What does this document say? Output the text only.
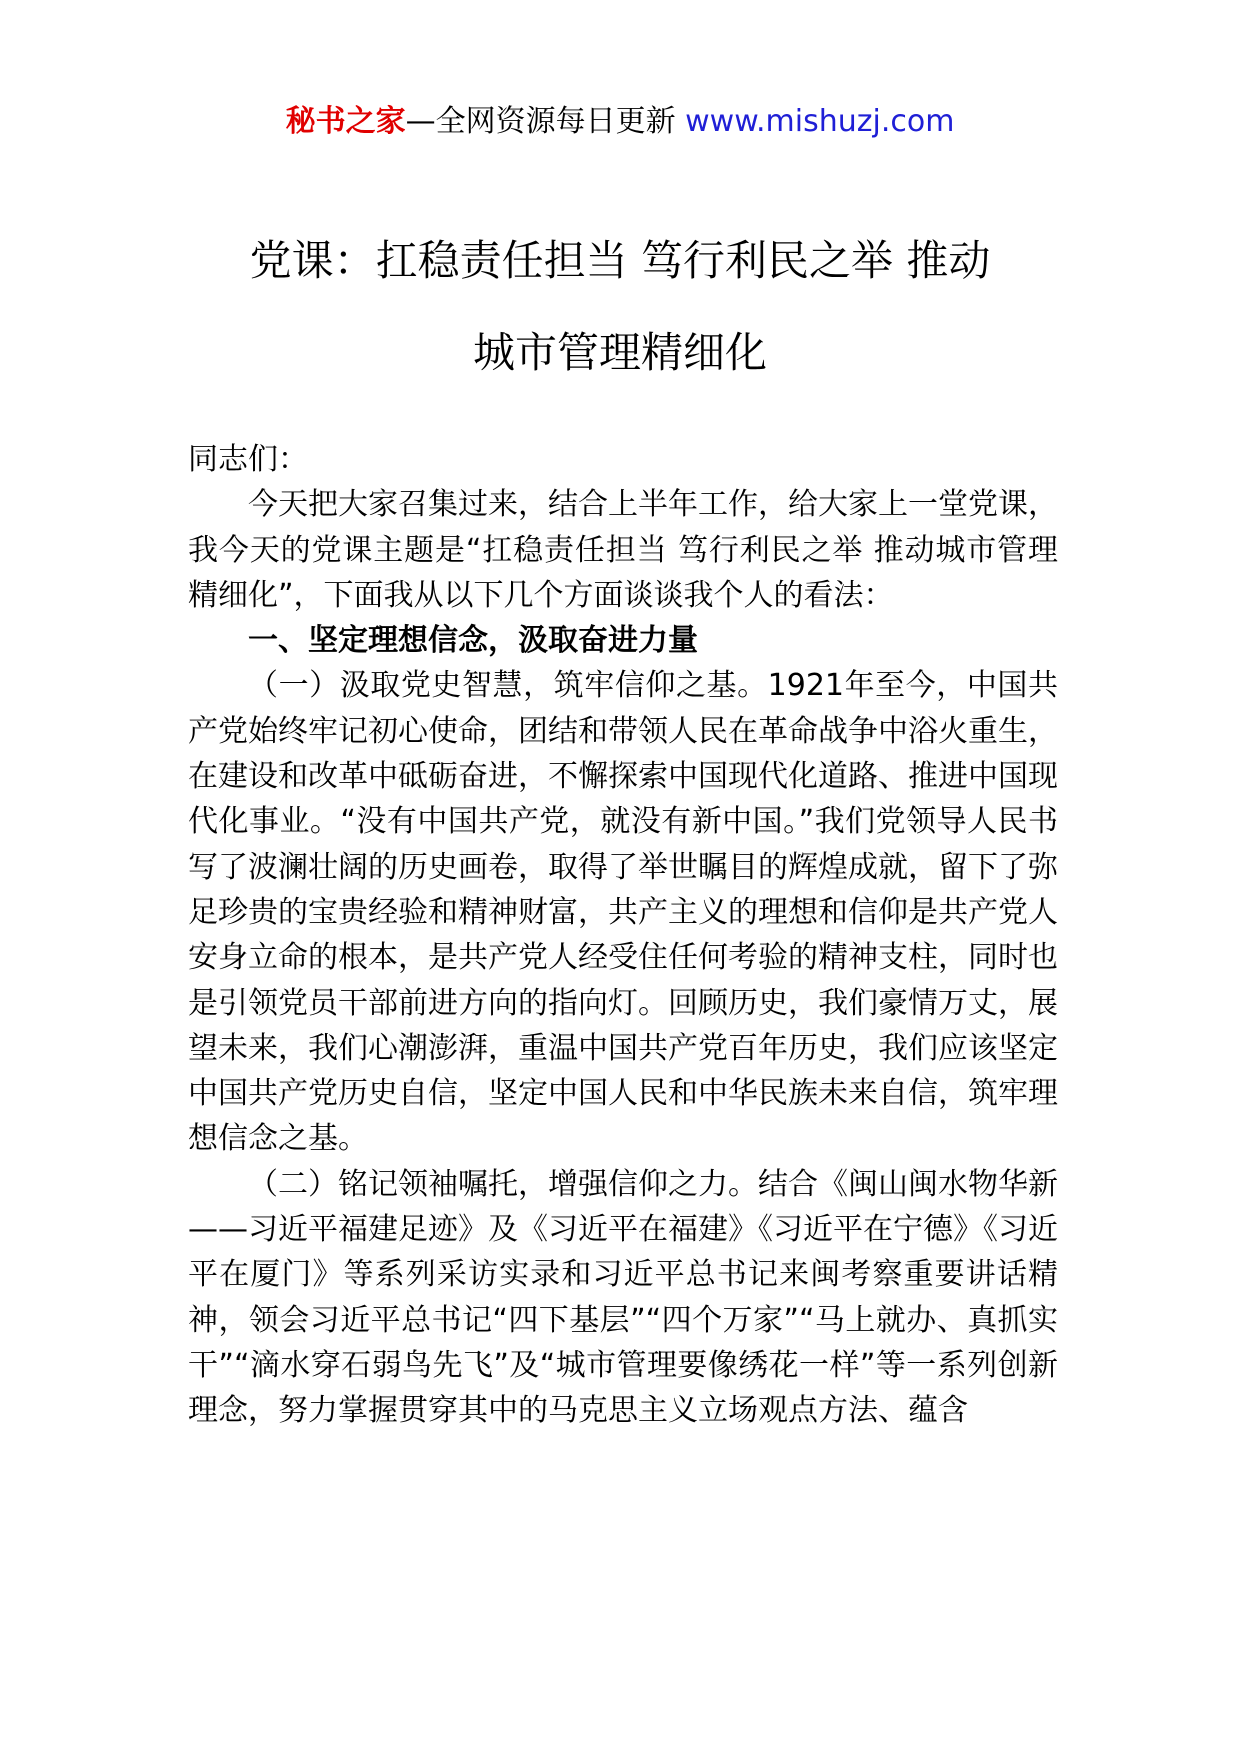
秘书之家—全网资源每日更新 www.mishuzj.com
党课：扛稳责任担当 笃行利民之举 推动
城市管理精细化

同志们：

今天把大家召集过来，结合上半年工作，给大家上一堂党课，我今天的党课主题是“扛稳责任担当 笃行利民之举 推动城市管理精细化”，下面我从以下几个方面谈谈我个人的看法：

一、坚定理想信念，汲取奋进力量

（一）汲取党史智慧，筑牢信仰之基。1921年至今，中国共产党始终牢记初心使命，团结和带领人民在革命战争中浴火重生，在建设和改革中砥砺奋进，不懈探索中国现代化道路、推进中国现代化事业。“没有中国共产党，就没有新中国。”我们党领导人民书写了波澜壮阔的历史画卷，取得了举世瞩目的辉煌成就，留下了弥足珍贵的宝贵经验和精神财富，共产主义的理想和信仰是共产党人安身立命的根本，是共产党人经受住任何考验的精神支柱，同时也是引领党员干部前进方向的指向灯。回顾历史，我们豪情万丈，展望未来，我们心潮澎湃，重温中国共产党百年历史，我们应该坚定中国共产党历史自信，坚定中国人民和中华民族未来自信，筑牢理想信念之基。

（二）铭记领袖嘱托，增强信仰之力。结合《闽山闽水物华新——习近平福建足迹》及《习近平在福建》《习近平在宁德》《习近平在厦门》等系列采访实录和习近平总书记来闽考察重要讲话精神，领会习近平总书记“四下基层”“四个万家”“马上就办、真抓实干”“滴水穿石弱鸟先飞”及“城市管理要像绣花一样”等一系列创新理念，努力掌握贯穿其中的马克思主义立场观点方法、蕴含
